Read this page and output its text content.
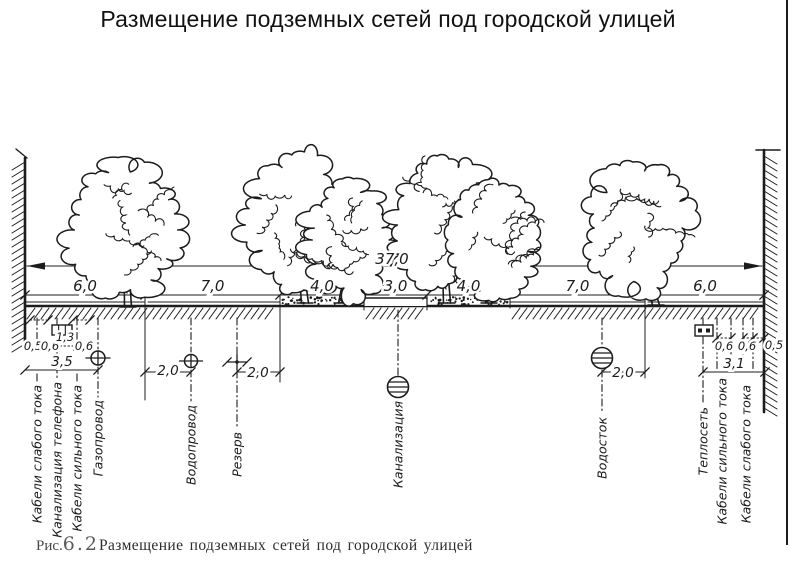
Размещение подземных сетей под городской улицей
6,0	7,0	4,0	3,0	4,0	7,0	6,0
37,0
Кабели слабого тока Канализация телефона Кабели сильного тока Газопровод	Водопровод Резерв	Канализация	Водосток	Теплосеть Кабели сильного тока Кабели слабого тока
0,5
0,6
1,3
0,6	0,6 0,6 0,5
3,5
2,0	2,0	2,0
3,1
Рис.6.2Размещение подземных сетей под городской улицей
